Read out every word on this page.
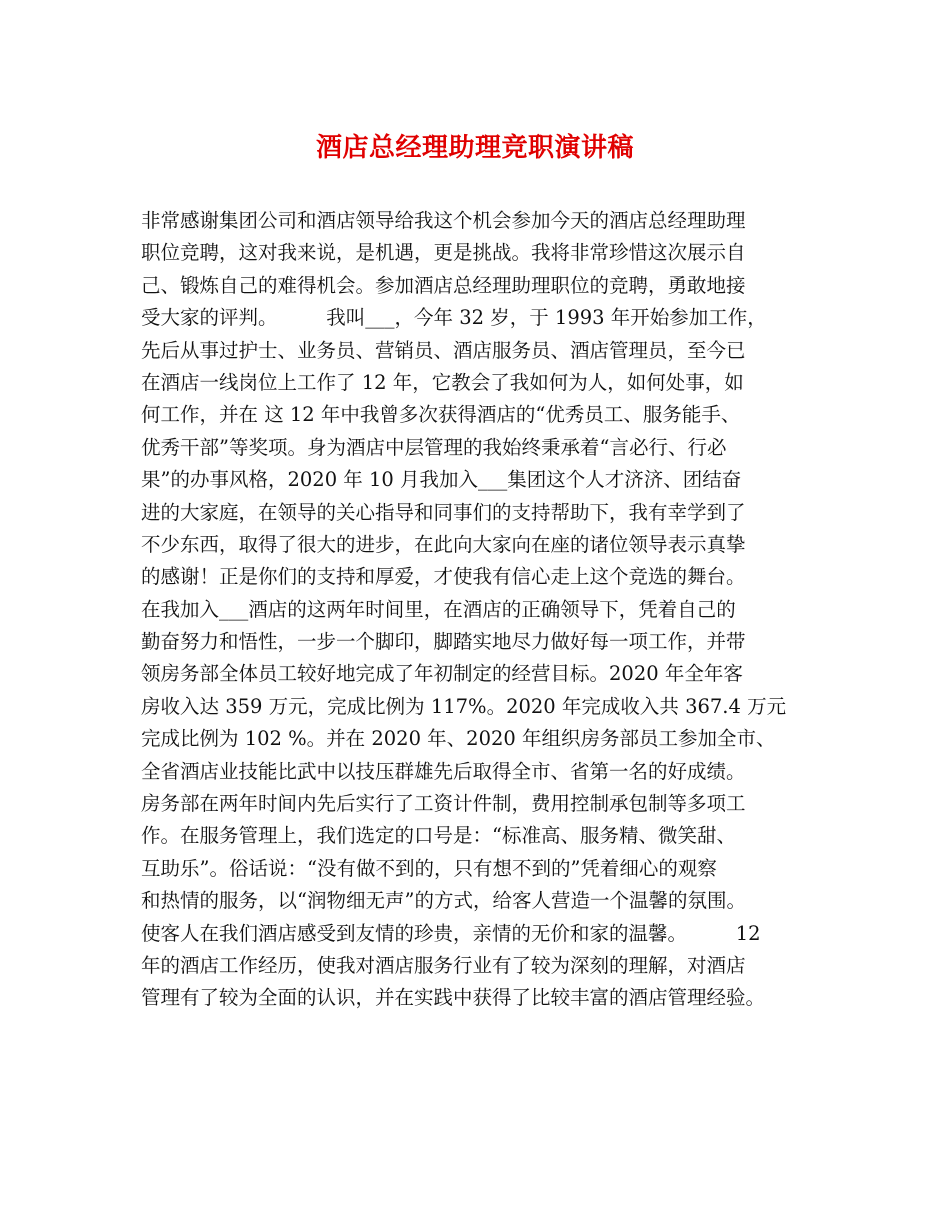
酒店总经理助理竞职演讲稿

非常感谢集团公司和酒店领导给我这个机会参加今天的酒店总经理助理

职位竞聘，这对我来说，是机遇，更是挑战。我将非常珍惜这次展示自

己、锻炼自己的难得机会。参加酒店总经理助理职位的竞聘，勇敢地接

受大家的评判。　　　我叫___，今年 32 岁，于 1993 年开始参加工作，

先后从事过护士、业务员、营销员、酒店服务员、酒店管理员，至今已

在酒店一线岗位上工作了 12 年，它教会了我如何为人，如何处事，如

何工作，并在 这 12 年中我曾多次获得酒店的“优秀员工、服务能手、

优秀干部”等奖项。身为酒店中层管理的我始终秉承着“言必行、行必

果”的办事风格，2020 年 10 月我加入___集团这个人才济济、团结奋

进的大家庭，在领导的关心指导和同事们的支持帮助下，我有幸学到了

不少东西，取得了很大的进步，在此向大家向在座的诸位领导表示真挚

的感谢！正是你们的支持和厚爱，才使我有信心走上这个竞选的舞台。

在我加入___酒店的这两年时间里，在酒店的正确领导下，凭着自己的

勤奋努力和悟性，一步一个脚印，脚踏实地尽力做好每一项工作，并带

领房务部全体员工较好地完成了年初制定的经营目标。2020 年全年客

房收入达 359 万元，完成比例为 117%。2020 年完成收入共 367.4 万元

完成比例为 102 %。并在 2020 年、2020 年组织房务部员工参加全市、

全省酒店业技能比武中以技压群雄先后取得全市、省第一名的好成绩。

房务部在两年时间内先后实行了工资计件制，费用控制承包制等多项工

作。在服务管理上，我们选定的口号是：“标准高、服务精、微笑甜、

互助乐”。俗话说：“没有做不到的，只有想不到的”凭着细心的观察

和热情的服务，以“润物细无声”的方式，给客人营造一个温馨的氛围。

使客人在我们酒店感受到友情的珍贵，亲情的无价和家的温馨。　　　12

年的酒店工作经历，使我对酒店服务行业有了较为深刻的理解，对酒店

管理有了较为全面的认识，并在实践中获得了比较丰富的酒店管理经验。
